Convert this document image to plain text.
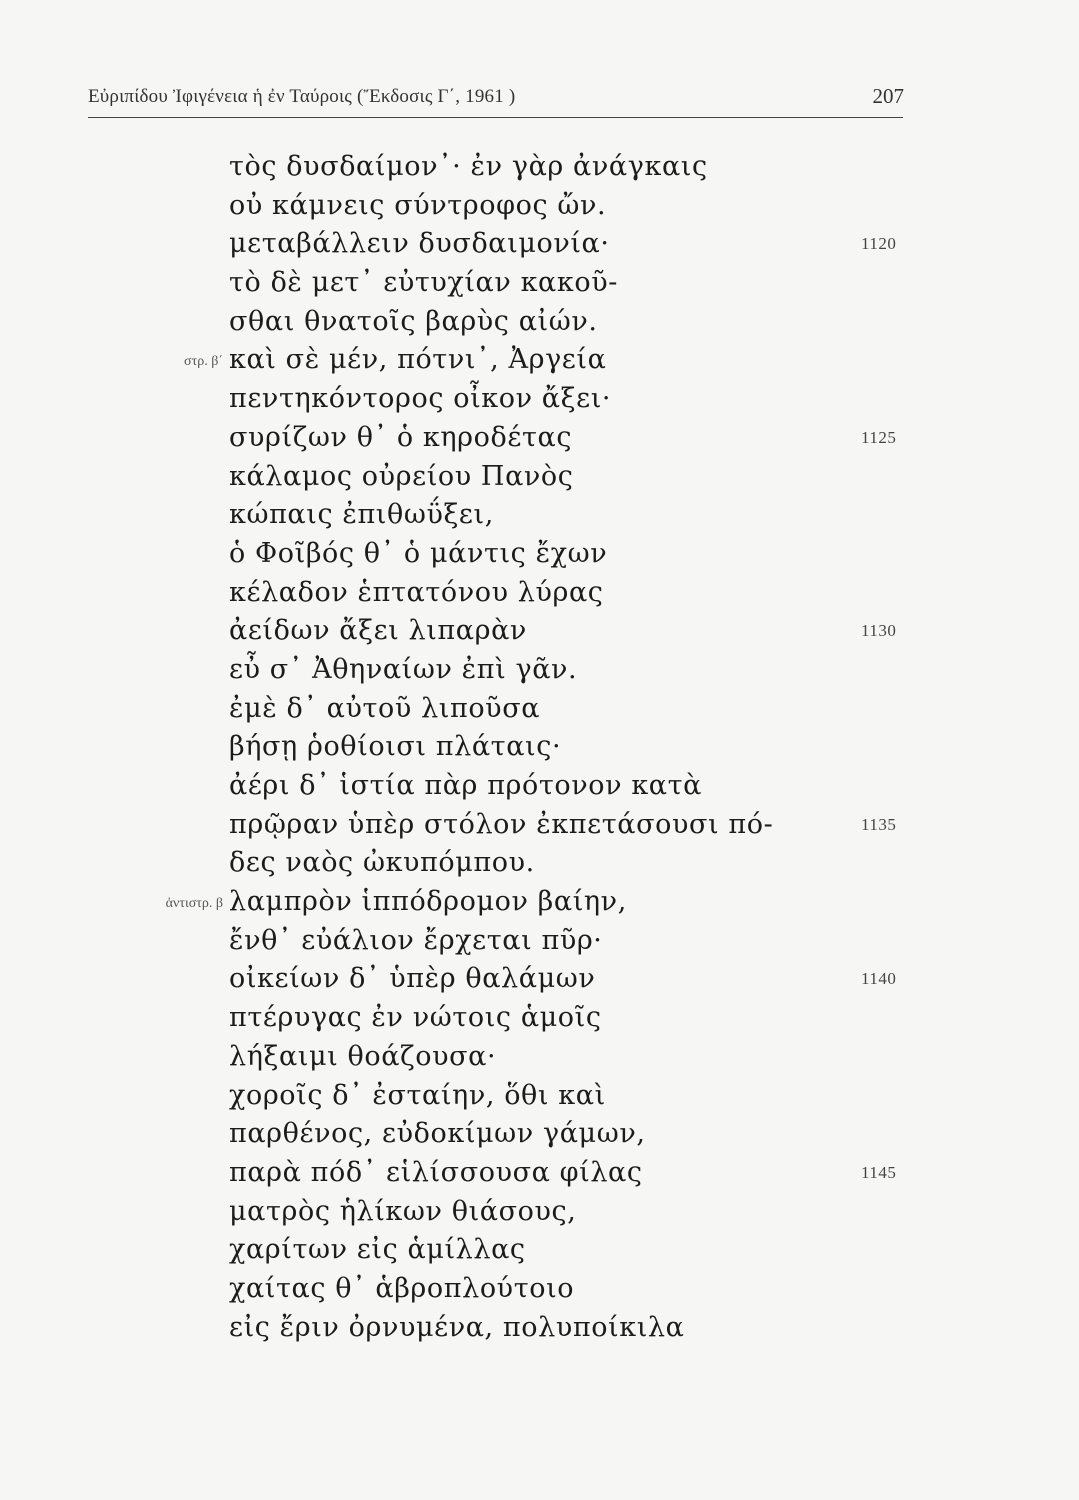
Εὐριπίδου Ἰφιγένεια ἡ ἐν Ταύροις (Ἔκδοσις Γ΄, 1961 )	207
τὸς δυσδαίμον᾽· ἐν γὰρ ἀνάγκαις
οὐ κάμνεις σύντροφος ὤν.
μεταβάλλειν δυσδαιμονία·	1120
τὸ δὲ μετ᾽ εὐτυχίαν κακοῦ-
σθαι θνατοῖς βαρὺς αἰών.
στρ. β΄ καὶ σὲ μέν, πότνι᾽, Ἀργεία
πεντηκόντορος οἶκον ἄξει·
συρίζων θ᾽ ὁ κηροδέτας	1125
κάλαμος οὐρείου Πανὸς
κώπαις ἐπιθωΰξει,
ὁ Φοῖβός θ᾽ ὁ μάντις ἔχων
κέλαδον ἑπτατόνου λύρας
ἀείδων ἄξει λιπαρὰν	1130
εὖ σ᾽ Ἀθηναίων ἐπὶ γᾶν.
ἐμὲ δ᾽ αὐτοῦ λιποῦσα
βήσῃ ῥοθίοισι πλάταις·
ἀέρι δ᾽ ἱστία πὰρ πρότονον κατὰ
πρῷραν ὑπὲρ στόλον ἐκπετάσουσι πό-	1135
δες ναὸς ὠκυπόμπου.
ἀντιστρ. β λαμπρὸν ἱππόδρομον βαίην,
ἔνθ᾽ εὐάλιον ἔρχεται πῦρ·
οἰκείων δ᾽ ὑπὲρ θαλάμων	1140
πτέρυγας ἐν νώτοις ἁμοῖς
λήξαιμι θοάζουσα·
χοροῖς δ᾽ ἐσταίην, ὅθι καὶ
παρθένος, εὐδοκίμων γάμων,
παρὰ πόδ᾽ εἱλίσσουσα φίλας	1145
ματρὸς ἡλίκων θιάσους,
χαρίτων εἰς ἁμίλλας
χαίτας θ᾽ ἁβροπλούτοιο
εἰς ἔριν ὀρνυμένα, πολυποίκιλα
